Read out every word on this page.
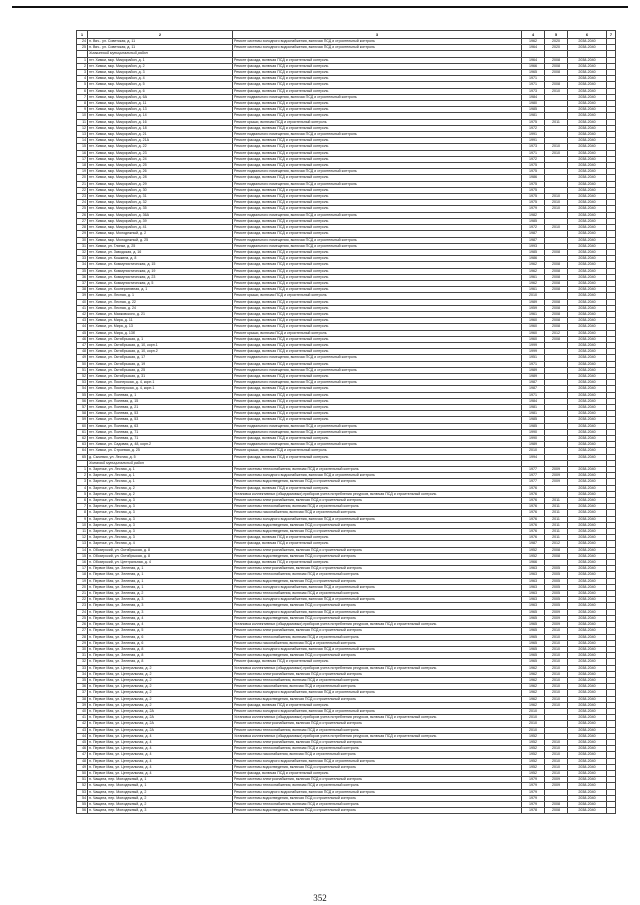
1	2	3	4	5	6	7
24	п. Вяч.. ул. Советская, д. 11	Ремонт системы холодного водоснабжения, включая ПСД и строительный контроль	1962	2020	2038-2040	
25	п. Вяч.. ул. Советская, д. 11	Ремонт системы холодного водоснабжения, включая ПСД и строительный контроль	1964	2020	2038-2040	
	Химкинский муниципальный район					
1	пгт. Химки, мкр. Микрорайон, д. 1	Ремонт фасада, включая ПСД и строительный контроль	1964	2008	2038-2040	
2	пгт. Химки, мкр. Микрорайон, д. 2	Ремонт фасада, включая ПСД и строительный контроль	1966	2008	2038-2040	
3	пгт. Химки, мкр. Микрорайон, д. 3	Ремонт фасада, включая ПСД и строительный контроль	1965	2008	2038-2040	
4	пгт. Химки, мкр. Микрорайон, д. 4	Ремонт фасада, включая ПСД и строительный контроль	1971		2038-2040	
5	пгт. Химки, мкр. Микрорайон, д. 5	Ремонт фасада, включая ПСД и строительный контроль	1971	2008	2038-2040	
6	пгт. Химки, мкр. Микрорайон, д. 6	Ремонт фасада, включая ПСД и строительный контроль	1973	2010	2038-2040	
7	пгт. Химки, мкр. Микрорайон, д. 6А	Ремонт подвального помещения, включая ПСД и строительный контроль	1984		2038-2040	
8	пгт. Химки, мкр. Микрорайон, д. 11	Ремонт фасада, включая ПСД и строительный контроль	1980		2038-2040	
9	пгт. Химки, мкр. Микрорайон, д. 13	Ремонт фасада, включая ПСД и строительный контроль	1985		2038-2040	
10	пгт. Химки, мкр. Микрорайон, д. 14	Ремонт фасада, включая ПСД и строительный контроль	1981		2038-2040	
11	пгт. Химки, мкр. Микрорайон, д. 16	Ремонт крыши, включая ПСД и строительный контроль	1975	2011	2038-2040	
12	пгт. Химки, мкр. Микрорайон, д. 18	Ремонт фасада, включая ПСД и строительный контроль	1972		2038-2040	
13	пгт. Химки, мкр. Микрорайон, д. 21	Ремонт подвального помещения, включая ПСД и строительный контроль	1991		2038-2040	
14	пгт. Химки, мкр. Микрорайон, д. 21А	Ремонт фасада, включая ПСД и строительный контроль	1991		2038-2040	
15	пгт. Химки, мкр. Микрорайон, д. 22	Ремонт фасада, включая ПСД и строительный контроль	1973	2010	2038-2040	
16	пгт. Химки, мкр. Микрорайон, д. 23	Ремонт фасада, включая ПСД и строительный контроль	1971	2010	2038-2040	
17	пгт. Химки, мкр. Микрорайон, д. 24	Ремонт фасада, включая ПСД и строительный контроль	1972		2038-2040	
18	пгт. Химки, мкр. Микрорайон, д. 25	Ремонт фасада, включая ПСД и строительный контроль	1975		2038-2040	
19	пгт. Химки, мкр. Микрорайон, д. 26	Ремонт подвального помещения, включая ПСД и строительный контроль	1975		2038-2040	
20	пгт. Химки, мкр. Микрорайон, д. 28	Ремонт фасада, включая ПСД и строительный контроль	1986		2038-2040	
21	пгт. Химки, мкр. Микрорайон, д. 29	Ремонт подвального помещения, включая ПСД и строительный контроль	1975		2038-2040	
22	пгт. Химки, мкр. Микрорайон, д. 30	Ремонт фасада, включая ПСД и строительный контроль	1975		2038-2040	
23	пгт. Химки, мкр. Микрорайон, д. 31	Ремонт фасада, включая ПСД и строительный контроль	1975	2010	2038-2040	
24	пгт. Химки, мкр. Микрорайон, д. 32	Ремонт фасада, включая ПСД и строительный контроль	1975	2010	2038-2040	
25	пгт. Химки, мкр. Микрорайон, д. 35	Ремонт фасада, включая ПСД и строительный контроль	1979	2010	2038-2040	
26	пгт. Химки, мкр. Микрорайон, д. 36А	Ремонт подвального помещения, включая ПСД и строительный контроль	1982		2038-2040	
27	пгт. Химки, мкр. Микрорайон, д. 39	Ремонт фасада, включая ПСД и строительный контроль	1985		2038-2040	
28	пгт. Химки, мкр. Микрорайон, д. 41	Ремонт фасада, включая ПСД и строительный контроль	1972	2010	2038-2040	
29	пгт. Химки, мкр. Молодежный, д. 2	Ремонт фасада, включая ПСД и строительный контроль	1987		2038-2040	
30	пгт. Химки, мкр. Молодежный, д. 25	Ремонт подвального помещения, включая ПСД и строительный контроль	1987		2038-2040	
31	пгт. Химки, ул. Глинки, д. 25	Ремонт подвального помещения, включая ПСД и строительный контроль	1993		2038-2040	
32	пгт. Химки, ул. Заводская, д. 16	Ремонт фасада, включая ПСД и строительный контроль	1985	2008	2038-2040	
33	пгт. Химки, ул. Кошкина, д. 8	Ремонт фасада, включая ПСД и строительный контроль	1986		2038-2040	
34	пгт. Химки, ул. Коммунистическая, д. 15	Ремонт фасада, включая ПСД и строительный контроль	1962	2008	2038-2040	
35	пгт. Химки, ул. Коммунистическая, д. 19	Ремонт фасада, включая ПСД и строительный контроль	1962	2008	2038-2040	
36	пгт. Химки, ул. Коммунистическая, д. 23	Ремонт фасада, включая ПСД и строительный контроль	1961	2008	2038-2040	
37	пгт. Химки, ул. Коммунистическая, д. 5	Ремонт фасада, включая ПСД и строительный контроль	1962	2008	2038-2040	
38	пгт. Химки, ул. Кооперативная, д. 1	Ремонт фасада, включая ПСД и строительный контроль	1961	2008	2038-2040	
39	пгт. Химки, ул. Лесная, д. 1	Ремонт крыши, включая ПСД и строительный контроль	2010		2038-2040	
40	пгт. Химки, ул. Лесная, д. 22	Ремонт фасада, включая ПСД и строительный контроль	1989	2008	2038-2040	
41	пгт. Химки, ул. Лесная, д. 24	Ремонт фасада, включая ПСД и строительный контроль	1959	2008	2038-2040	
42	пгт. Химки, ул. Маяковского, д. 21	Ремонт фасада, включая ПСД и строительный контроль	1961	2008	2038-2040	
43	пгт. Химки, ул. Мира, д. 11	Ремонт фасада, включая ПСД и строительный контроль	1960	2008	2038-2040	
44	пгт. Химки, ул. Мира, д. 13	Ремонт фасада, включая ПСД и строительный контроль	1960	2008	2038-2040	
45	пгт. Химки, ул. Мира, д. 13б	Ремонт крыши, включая ПСД и строительный контроль	1960	2012	2038-2040	
46	пгт. Химки, ул. Октябрьская, д. 1	Ремонт фасада, включая ПСД и строительный контроль	1960	2008	2038-2040	
47	пгт. Химки, ул. Октябрьская, д. 10, корп.1	Ремонт фасада, включая ПСД и строительный контроль	1999		2038-2040	
48	пгт. Химки, ул. Октябрьская, д. 10, корп.2	Ремонт фасада, включая ПСД и строительный контроль	1999		2038-2040	
49	пгт. Химки, ул. Октябрьская, д. 17	Ремонт подвального помещения, включая ПСД и строительный контроль	1951		2038-2040	
50	пгт. Химки, ул. Октябрьская, д. 19	Ремонт фасада, включая ПСД и строительный контроль	1971		2038-2040	
51	пгт. Химки, ул. Октябрьская, д. 25	Ремонт подвального помещения, включая ПСД и строительный контроль	1989		2038-2040	
52	пгт. Химки, ул. Октябрьская, д. 31	Ремонт фасада, включая ПСД и строительный контроль	1989		2038-2040	
53	пгт. Химки, ул. Пионерская, д. 4, корп.1	Ремонт подвального помещения, включая ПСД и строительный контроль	1987		2038-2040	
54	пгт. Химки, ул. Пионерская, д. 4, корп.1	Ремонт фасада, включая ПСД и строительный контроль	1987		2038-2040	
55	пгт. Химки, ул. Полевая, д. 1	Ремонт фасада, включая ПСД и строительный контроль	1971		2038-2040	
56	пгт. Химки, ул. Полевая, д. 15	Ремонт фасада, включая ПСД и строительный контроль	1984		2038-2040	
57	пгт. Химки, ул. Полевая, д. 21	Ремонт фасада, включая ПСД и строительный контроль	1981		2038-2040	
58	пгт. Химки, ул. Полевая, д. 53	Ремонт фасада, включая ПСД и строительный контроль	1981		2038-2040	
59	пгт. Химки, ул. Полевая, д. 53	Ремонт фасада, включая ПСД и строительный контроль	1985		2038-2040	
60	пгт. Химки, ул. Полевая, д. 63	Ремонт подвального помещения, включая ПСД и строительный контроль	1985		2038-2040	
61	пгт. Химки, ул. Полевая, д. 71	Ремонт подвального помещения, включая ПСД и строительный контроль	1990		2038-2040	
62	пгт. Химки, ул. Полевая, д. 71	Ремонт фасада, включая ПСД и строительный контроль	1990		2038-2040	
63	пгт. Химки, ул. Садовая, д. 48, корп.2	Ремонт подвального помещения, включая ПСД и строительный контроль	1989		2038-2040	
64	пгт. Химки, ул. Строевая, д. 25	Ремонт крыши, включая ПСД и строительный контроль	2010		2038-2040	
65	д. Сычевки, ул. Лесная, д. 5	Ремонт фасада, включая ПСД и строительный контроль	1994		2038-2040	
	Холмский муниципальный район					
1	п. Заречье, ул. Лесная, д. 1	Ремонт системы теплоснабжения, включая ПСД и строительный контроль	1977	2009	2038-2040	
2	п. Заречье, ул. Лесная, д. 1	Ремонт системы холодного водоснабжения, включая ПСД и строительный контроль	1977	2009	2038-2040	
3	п. Заречье, ул. Лесная, д. 1	Ремонт системы водоотведения, включая ПСД и строительный контроль	1977	2009	2038-2040	
4	п. Заречье, ул. Лесная, д. 2	Ремонт фасада, включая ПСД и строительный контроль	1976		2038-2040	
5	п. Заречье, ул. Лесная, д. 2	Установка коллективных (общедомовых) приборов учета потребления ресурсов, включая ПСД и строительный контроль	1976		2038-2040	
6	п. Заречье, ул. Лесная, д. 3	Ремонт системы электроснабжения, включая ПСД и строительный контроль	1976	2011	2038-2040	
7	п. Заречье, ул. Лесная, д. 3	Ремонт системы теплоснабжения, включая ПСД и строительный контроль	1976	2011	2038-2040	
8	п. Заречье, ул. Лесная, д. 3	Ремонт системы газоснабжения, включая ПСД и строительный контроль	1976	2011	2038-2040	
9	п. Заречье, ул. Лесная, д. 3	Ремонт системы холодного водоснабжения, включая ПСД и строительный контроль	1976	2011	2038-2040	
10	п. Заречье, ул. Лесная, д. 3	Ремонт системы водоотведения, включая ПСД и строительный контроль	1976	2011	2038-2040	
11	п. Заречье, ул. Лесная, д. 3	Ремонт системы водоотведения, включая ПСД и строительный контроль	1976	2011	2038-2040	
12	п. Заречье, ул. Лесная, д. 3	Ремонт фасада, включая ПСД и строительный контроль	1976	2011	2038-2040	
13	п. Заречье, ул. Лесная, д. 4	Ремонт фасада, включая ПСД и строительный контроль	1987	2012	2038-2040	
14	п. Обозерский, ул. Октябрьская, д. 8	Ремонт системы электроснабжения, включая ПСД и строительный контроль	1952	2008	2038-2040	
15	п. Обозерский, ул. Октябрьская, д. 8	Ремонт системы водоотведения, включая ПСД и строительный контроль	1952	2008	2038-2040	
16	п. Обозерский, ул. Центральная, д. 4	Ремонт фасада, включая ПСД и строительный контроль	1966		2038-2040	
17	п. Первое Мая, ул. Зеленая, д. 1	Ремонт системы электроснабжения, включая ПСД и строительный контроль	1963	2005	2038-2040	
18	п. Первое Мая, ул. Зеленая, д. 1	Ремонт системы теплоснабжения, включая ПСД и строительный контроль	1963	2005	2038-2040	
19	п. Первое Мая, ул. Зеленая, д. 1	Ремонт системы водоотведения, включая ПСД и строительный контроль	1963	2005	2038-2040	
20	п. Первое Мая, ул. Зеленая, д. 1	Ремонт системы холодного водоснабжения, включая ПСД и строительный контроль	1963	2005	2038-2040	
21	п. Первое Мая, ул. Зеленая, д. 2	Ремонт системы теплоснабжения, включая ПСД и строительный контроль	1963	2005	2038-2040	
22	п. Первое Мая, ул. Зеленая, д. 3	Ремонт системы холодного водоснабжения, включая ПСД и строительный контроль	1963	2005	2038-2040	
23	п. Первое Мая, ул. Зеленая, д. 3	Ремонт системы водоотведения, включая ПСД и строительный контроль	1963	2005	2038-2040	
24	п. Первое Мая, ул. Зеленая, д. 3	Ремонт системы холодного водоснабжения, включая ПСД и строительный контроль	1965	2009	2038-2040	
25	п. Первое Мая, ул. Зеленая, д. 4	Ремонт системы водоотведения, включая ПСД и строительный контроль	1965	2009	2038-2040	
26	п. Первое Мая, ул. Зеленая, д. 4	Установка коллективных (общедомовых) приборов учета потребления ресурсов, включая ПСД и строительный контроль	1965	2009	2038-2040	
27	п. Первое Мая, ул. Зеленая, д. 5	Ремонт системы электроснабжения, включая ПСД и строительный контроль	1965	2010	2038-2040	
28	п. Первое Мая, ул. Зеленая, д. 6	Ремонт системы теплоснабжения, включая ПСД и строительный контроль	1965	2010	2038-2040	
29	п. Первое Мая, ул. Зеленая, д. 6	Ремонт системы газоснабжения, включая ПСД и строительный контроль	1965	2010	2038-2040	
30	п. Первое Мая, ул. Зеленая, д. 8	Ремонт системы холодного водоснабжения, включая ПСД и строительный контроль	1965	2010	2038-2040	
31	п. Первое Мая, ул. Зеленая, д. 8	Ремонт системы водоотведения, включая ПСД и строительный контроль	1965	2010	2038-2040	
32	п. Первое Мая, ул. Зеленая, д. 8	Ремонт фасада, включая ПСД и строительный контроль	1965	2010	2038-2040	
33	п. Первое Мая, ул. Центральная, д. 2	Установка коллективных (общедомовых) приборов учета потребления ресурсов, включая ПСД и строительный контроль	1962	2010	2038-2040	
34	п. Первое Мая, ул. Центральная, д. 2	Ремонт системы электроснабжения, включая ПСД и строительный контроль	1962	2010	2038-2040	
35	п. Первое Мая, ул. Центральная, д. 2	Ремонт системы теплоснабжения, включая ПСД и строительный контроль	1962	2010	2038-2040	
36	п. Первое Мая, ул. Центральная, д. 2	Ремонт системы газоснабжения, включая ПСД и строительный контроль	1962	2010	2038-2040	
37	п. Первое Мая, ул. Центральная, д. 2	Ремонт системы холодного водоснабжения, включая ПСД и строительный контроль	1962	2010	2038-2040	
38	п. Первое Мая, ул. Центральная, д. 2	Ремонт системы водоотведения, включая ПСД и строительный контроль	1962	2010	2038-2040	
39	п. Первое Мая, ул. Центральная, д. 2	Ремонт фасада, включая ПСД и строительный контроль	1962	2010	2038-2040	
40	п. Первое Мая, ул. Центральная, д. 2А	Ремонт системы холодного водоснабжения, включая ПСД и строительный контроль	2010		2038-2040	
41	п. Первое Мая, ул. Центральная, д. 2А	Установка коллективных (общедомовых) приборов учета потребления ресурсов, включая ПСД и строительный контроль	2010		2038-2040	
42	п. Первое Мая, ул. Центральная, д. 2А	Ремонт системы электроснабжения, включая ПСД и строительный контроль	2010		2038-2040	
43	п. Первое Мая, ул. Центральная, д. 2А	Ремонт системы теплоснабжения, включая ПСД и строительный контроль	2010		2038-2040	
44	п. Первое Мая, ул. Центральная, д. 4	Установка коллективных (общедомовых) приборов учета потребления ресурсов, включая ПСД и строительный контроль	1952		2038-2040	
45	п. Первое Мая, ул. Центральная, д. 4	Ремонт системы электроснабжения, включая ПСД и строительный контроль	1952	2010	2038-2040	
46	п. Первое Мая, ул. Центральная, д. 4	Ремонт системы теплоснабжения, включая ПСД и строительный контроль	1952	2010	2038-2040	
47	п. Первое Мая, ул. Центральная, д. 4	Ремонт системы газоснабжения, включая ПСД и строительный контроль	1952	2010	2038-2040	
48	п. Первое Мая, ул. Центральная, д. 4	Ремонт системы холодного водоснабжения, включая ПСД и строительный контроль	1952	2010	2038-2040	
49	п. Первое Мая, ул. Центральная, д. 4	Ремонт системы водоотведения, включая ПСД и строительный контроль	1952	2010	2038-2040	
50	п. Первое Мая, ул. Центральная, д. 4	Ремонт фасада, включая ПСД и строительный контроль	1952	2010	2038-2040	
51	п. Чащина, пер. Молодежный, д. 1	Ремонт системы электроснабжения, включая ПСД и строительный контроль	1979	2009	2038-2040	
52	п. Чащина, пер. Молодежный, д. 1	Ремонт системы теплоснабжения, включая ПСД и строительный контроль	1979	2009	2038-2040	
53	п. Чащина, пер. Молодежный, д. 2	Ремонт системы холодного водоснабжения, включая ПСД и строительный контроль	1979		2038-2040	
54	п. Чащина, пер. Молодежный, д. 2	Ремонт системы водоотведения, включая ПСД и строительный контроль	1979		2038-2040	
55	п. Чащина, пер. Молодежный, д. 2	Ремонт системы теплоснабжения, включая ПСД и строительный контроль	1979	2008	2038-2040	
56	п. Чащина, пер. Молодежный, д. 3	Ремонт системы водоотведения, включая ПСД и строительный контроль	1978	2008	2038-2040	
352
